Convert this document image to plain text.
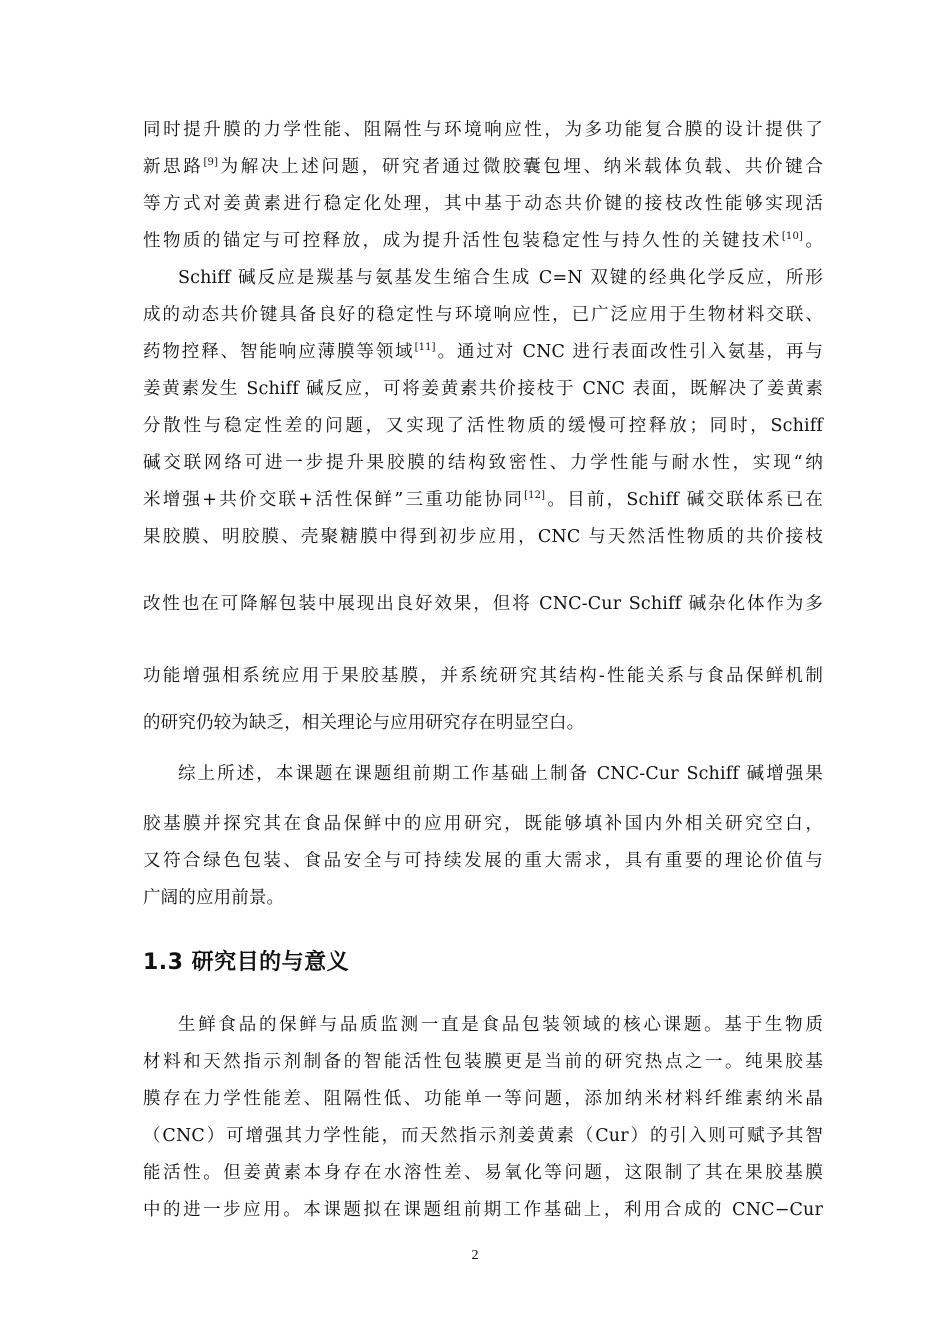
同时提升膜的力学性能、阻隔性与环境响应性，为多功能复合膜的设计提供了
新思路[9]为解决上述问题，研究者通过微胶囊包埋、纳米载体负载、共价键合
等方式对姜黄素进行稳定化处理，其中基于动态共价键的接枝改性能够实现活
性物质的锚定与可控释放，成为提升活性包装稳定性与持久性的关键技术[10]。
Schiff 碱反应是羰基与氨基发生缩合生成 C=N 双键的经典化学反应，所形
成的动态共价键具备良好的稳定性与环境响应性，已广泛应用于生物材料交联、
药物控释、智能响应薄膜等领域[11]。通过对 CNC 进行表面改性引入氨基，再与
姜黄素发生 Schiff 碱反应，可将姜黄素共价接枝于 CNC 表面，既解决了姜黄素
分散性与稳定性差的问题，又实现了活性物质的缓慢可控释放；同时，Schiff
碱交联网络可进一步提升果胶膜的结构致密性、力学性能与耐水性，实现“纳
米增强+共价交联+活性保鲜”三重功能协同[12]。目前，Schiff 碱交联体系已在
果胶膜、明胶膜、壳聚糖膜中得到初步应用，CNC 与天然活性物质的共价接枝
改性也在可降解包装中展现出良好效果，但将 CNC-Cur Schiff 碱杂化体作为多
功能增强相系统应用于果胶基膜，并系统研究其结构-性能关系与食品保鲜机制
的研究仍较为缺乏，相关理论与应用研究存在明显空白。
综上所述，本课题在课题组前期工作基础上制备 CNC-Cur Schiff 碱增强果
胶基膜并探究其在食品保鲜中的应用研究，既能够填补国内外相关研究空白，
又符合绿色包装、食品安全与可持续发展的重大需求，具有重要的理论价值与
广阔的应用前景。
1.3 研究目的与意义
生鲜食品的保鲜与品质监测一直是食品包装领域的核心课题。基于生物质
材料和天然指示剂制备的智能活性包装膜更是当前的研究热点之一。纯果胶基
膜存在力学性能差、阻隔性低、功能单一等问题，添加纳米材料纤维素纳米晶
（CNC）可增强其力学性能，而天然指示剂姜黄素（Cur）的引入则可赋予其智
能活性。但姜黄素本身存在水溶性差、易氧化等问题，这限制了其在果胶基膜
中的进一步应用。本课题拟在课题组前期工作基础上，利用合成的 CNC−Cur
2
